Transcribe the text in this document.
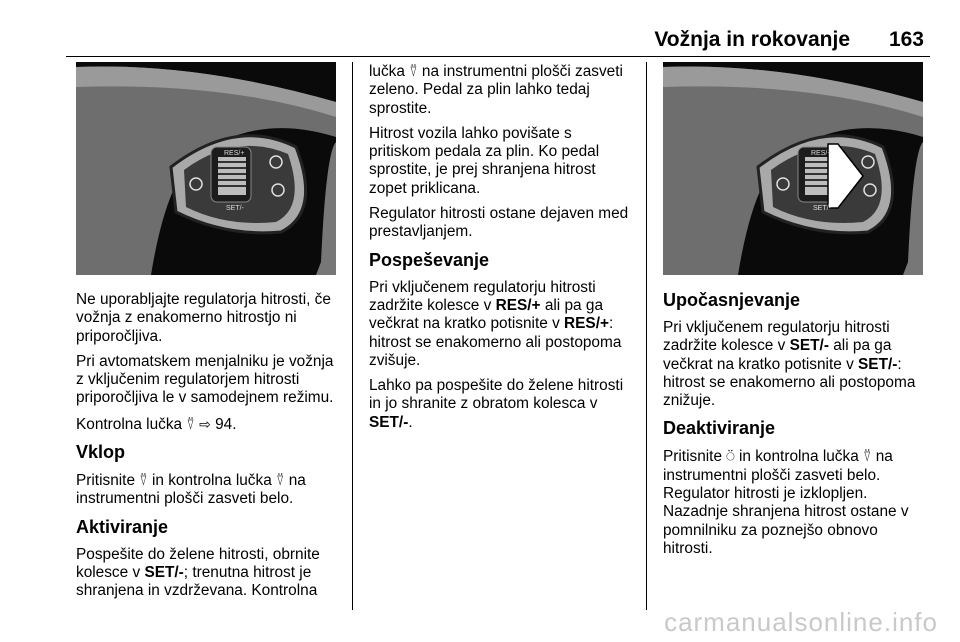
Vožnja in rokovanje 163
RES/+
SET/-

Ne uporabljajte regulatorja hitrosti, če vožnja z enakomerno hitrostjo ni priporočljiva.

Pri avtomatskem menjalniku je vožnja z vključenim regulatorjem hitrosti priporočljiva le v samodejnem režimu.

Kontrolna lučka ⍢ ⇨ 94.

Vklop

Pritisnite ⍢ in kontrolna lučka ⍢ na instrumentni plošči zasveti belo.

Aktiviranje

Pospešite do želene hitrosti, obrnite kolesce v SET/-; trenutna hitrost je shranjena in vzdrževana. Kontrolna

lučka ⍢ na instrumentni plošči zasveti zeleno. Pedal za plin lahko tedaj sprostite.

Hitrost vozila lahko povišate s pritiskom pedala za plin. Ko pedal sprostite, je prej shranjena hitrost zopet priklicana.

Regulator hitrosti ostane dejaven med prestavljanjem.

Pospeševanje

Pri vključenem regulatorju hitrosti zadržite kolesce v RES/+ ali pa ga večkrat na kratko potisnite v RES/+: hitrost se enakomerno ali postopoma zvišuje.

Lahko pa pospešite do želene hitrosti in jo shranite z obratom kolesca v SET/-.

RES/+
SET/-
Upočasnjevanje

Pri vključenem regulatorju hitrosti zadržite kolesce v SET/- ali pa ga večkrat na kratko potisnite v SET/-: hitrost se enakomerno ali postopoma znižuje.

Deaktiviranje

Pritisnite ⍥ in kontrolna lučka ⍢ na instrumentni plošči zasveti belo. Regulator hitrosti je izklopljen. Nazadnje shranjena hitrost ostane v pomnilniku za poznejšo obnovo hitrosti.

carmanualsonline.info
